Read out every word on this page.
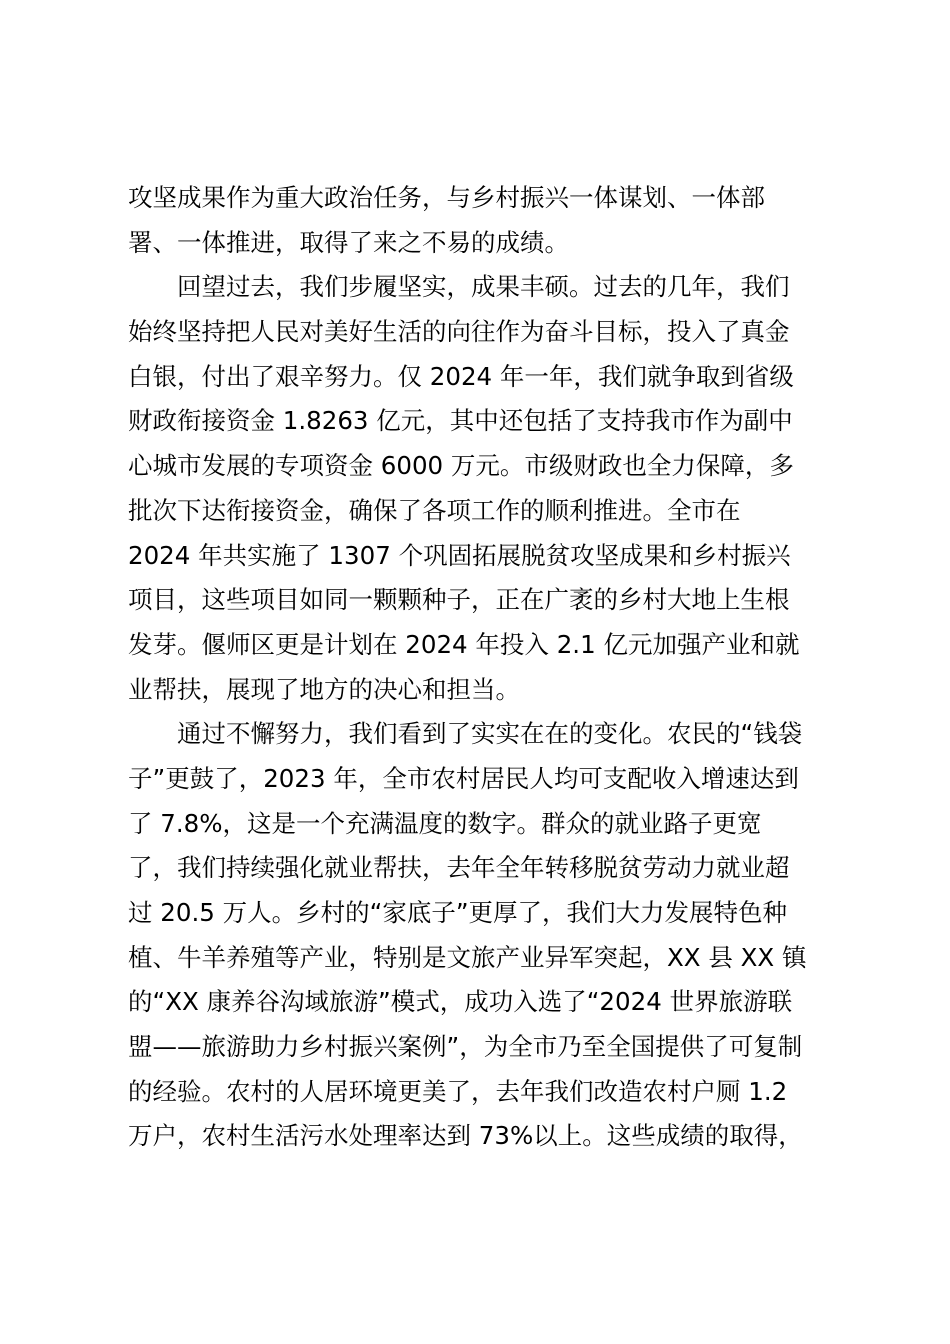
攻坚成果作为重大政治任务，与乡村振兴一体谋划、一体部
署、一体推进，取得了来之不易的成绩。
回望过去，我们步履坚实，成果丰硕。过去的几年，我们
始终坚持把人民对美好生活的向往作为奋斗目标，投入了真金
白银，付出了艰辛努力。仅 2024 年一年，我们就争取到省级
财政衔接资金 1.8263 亿元，其中还包括了支持我市作为副中
心城市发展的专项资金 6000 万元。市级财政也全力保障，多
批次下达衔接资金，确保了各项工作的顺利推进。全市在
2024 年共实施了 1307 个巩固拓展脱贫攻坚成果和乡村振兴
项目，这些项目如同一颗颗种子，正在广袤的乡村大地上生根
发芽。偃师区更是计划在 2024 年投入 2.1 亿元加强产业和就
业帮扶，展现了地方的决心和担当。
通过不懈努力，我们看到了实实在在的变化。农民的“钱袋
子”更鼓了，2023 年，全市农村居民人均可支配收入增速达到
了 7.8%，这是一个充满温度的数字。群众的就业路子更宽
了，我们持续强化就业帮扶，去年全年转移脱贫劳动力就业超
过 20.5 万人。乡村的“家底子”更厚了，我们大力发展特色种
植、牛羊养殖等产业，特别是文旅产业异军突起，XX 县 XX 镇
的“XX 康养谷沟域旅游”模式，成功入选了“2024 世界旅游联
盟——旅游助力乡村振兴案例”，为全市乃至全国提供了可复制
的经验。农村的人居环境更美了，去年我们改造农村户厕 1.2
万户，农村生活污水处理率达到 73%以上。这些成绩的取得，
